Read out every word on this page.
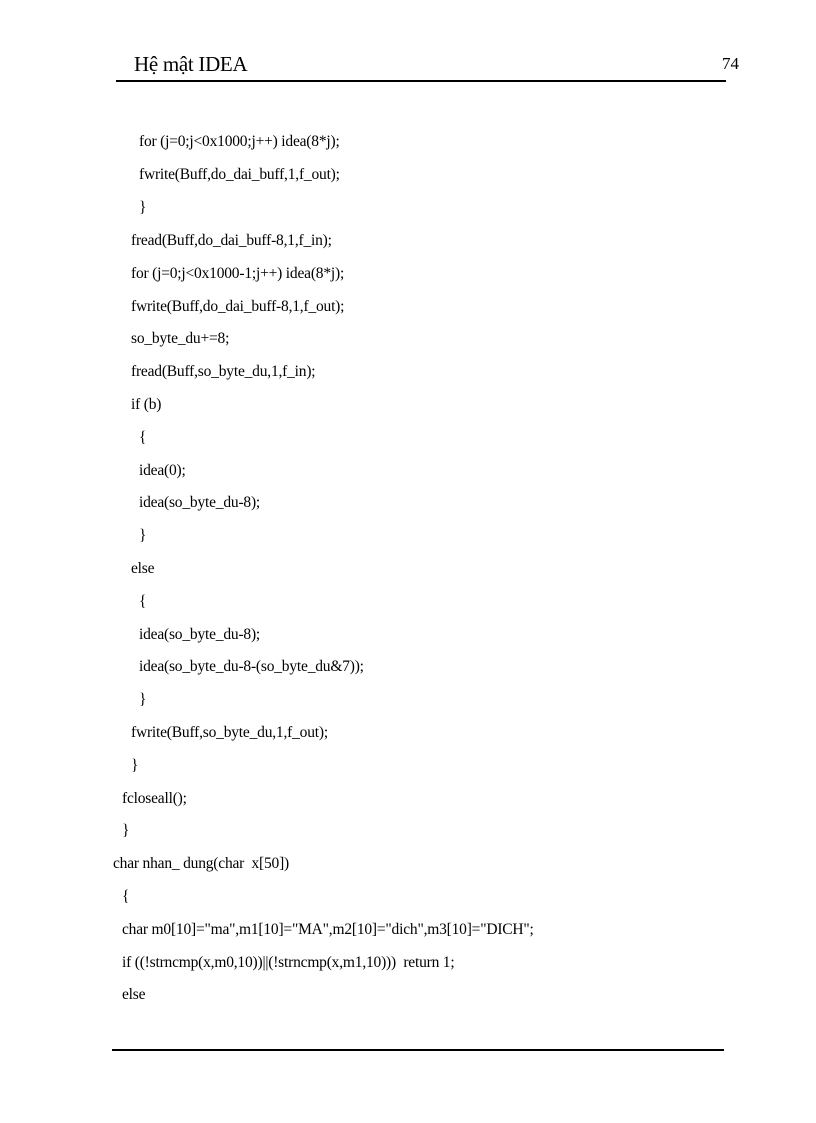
Hệ mật IDEA	74
for (j=0;j<0x1000;j++) idea(8*j);
fwrite(Buff,do_dai_buff,1,f_out);
}
fread(Buff,do_dai_buff-8,1,f_in);
for (j=0;j<0x1000-1;j++) idea(8*j);
fwrite(Buff,do_dai_buff-8,1,f_out);
so_byte_du+=8;
fread(Buff,so_byte_du,1,f_in);
if (b)
{
idea(0);
idea(so_byte_du-8);
}
else
{
idea(so_byte_du-8);
idea(so_byte_du-8-(so_byte_du&7));
}
fwrite(Buff,so_byte_du,1,f_out);
}
fcloseall();
}
char nhan_ dung(char  x[50])
{
char m0[10]="ma",m1[10]="MA",m2[10]="dich",m3[10]="DICH";
if ((!strncmp(x,m0,10))||(!strncmp(x,m1,10)))  return 1;
else
